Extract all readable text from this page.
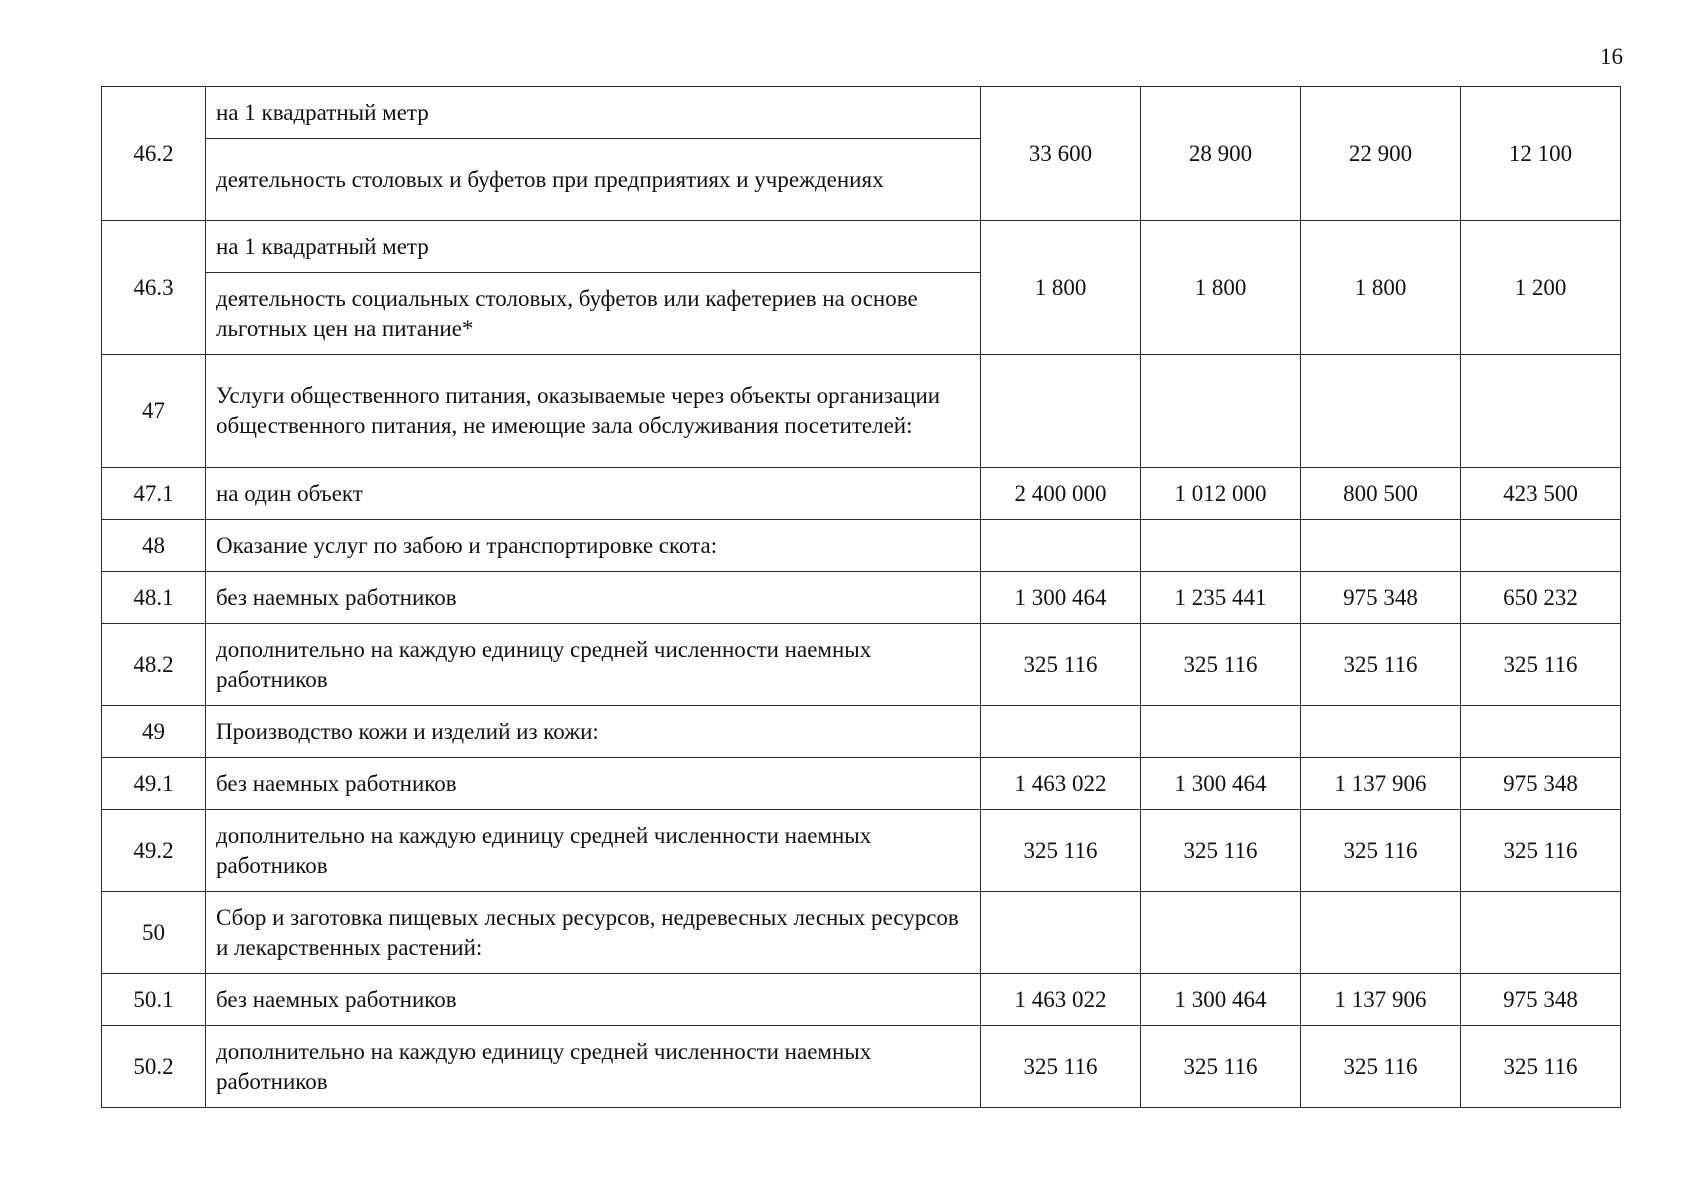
16
46.2	на 1 квадратный метр	33 600	28 900	22 900	12 100
	деятельность столовых и буфетов при предприятиях и учреждениях				
46.3	на 1 квадратный метр	1 800	1 800	1 800	1 200
	деятельность социальных столовых, буфетов или кафетериев на основе льготных цен на питание*				
47	Услуги общественного питания, оказываемые через объекты организации общественного питания, не имеющие зала обслуживания посетителей:				
47.1	на один объект	2 400 000	1 012 000	800 500	423 500
48	Оказание услуг по забою и транспортировке скота:				
48.1	без наемных работников	1 300 464	1 235 441	975 348	650 232
48.2	дополнительно на каждую единицу средней численности наемных работников	325 116	325 116	325 116	325 116
49	Производство кожи и изделий из кожи:				
49.1	без наемных работников	1 463 022	1 300 464	1 137 906	975 348
49.2	дополнительно на каждую единицу средней численности наемных работников	325 116	325 116	325 116	325 116
50	Сбор и заготовка пищевых лесных ресурсов, недревесных лесных ресурсов и лекарственных растений:				
50.1	без наемных работников	1 463 022	1 300 464	1 137 906	975 348
50.2	дополнительно на каждую единицу средней численности наемных работников	325 116	325 116	325 116	325 116
